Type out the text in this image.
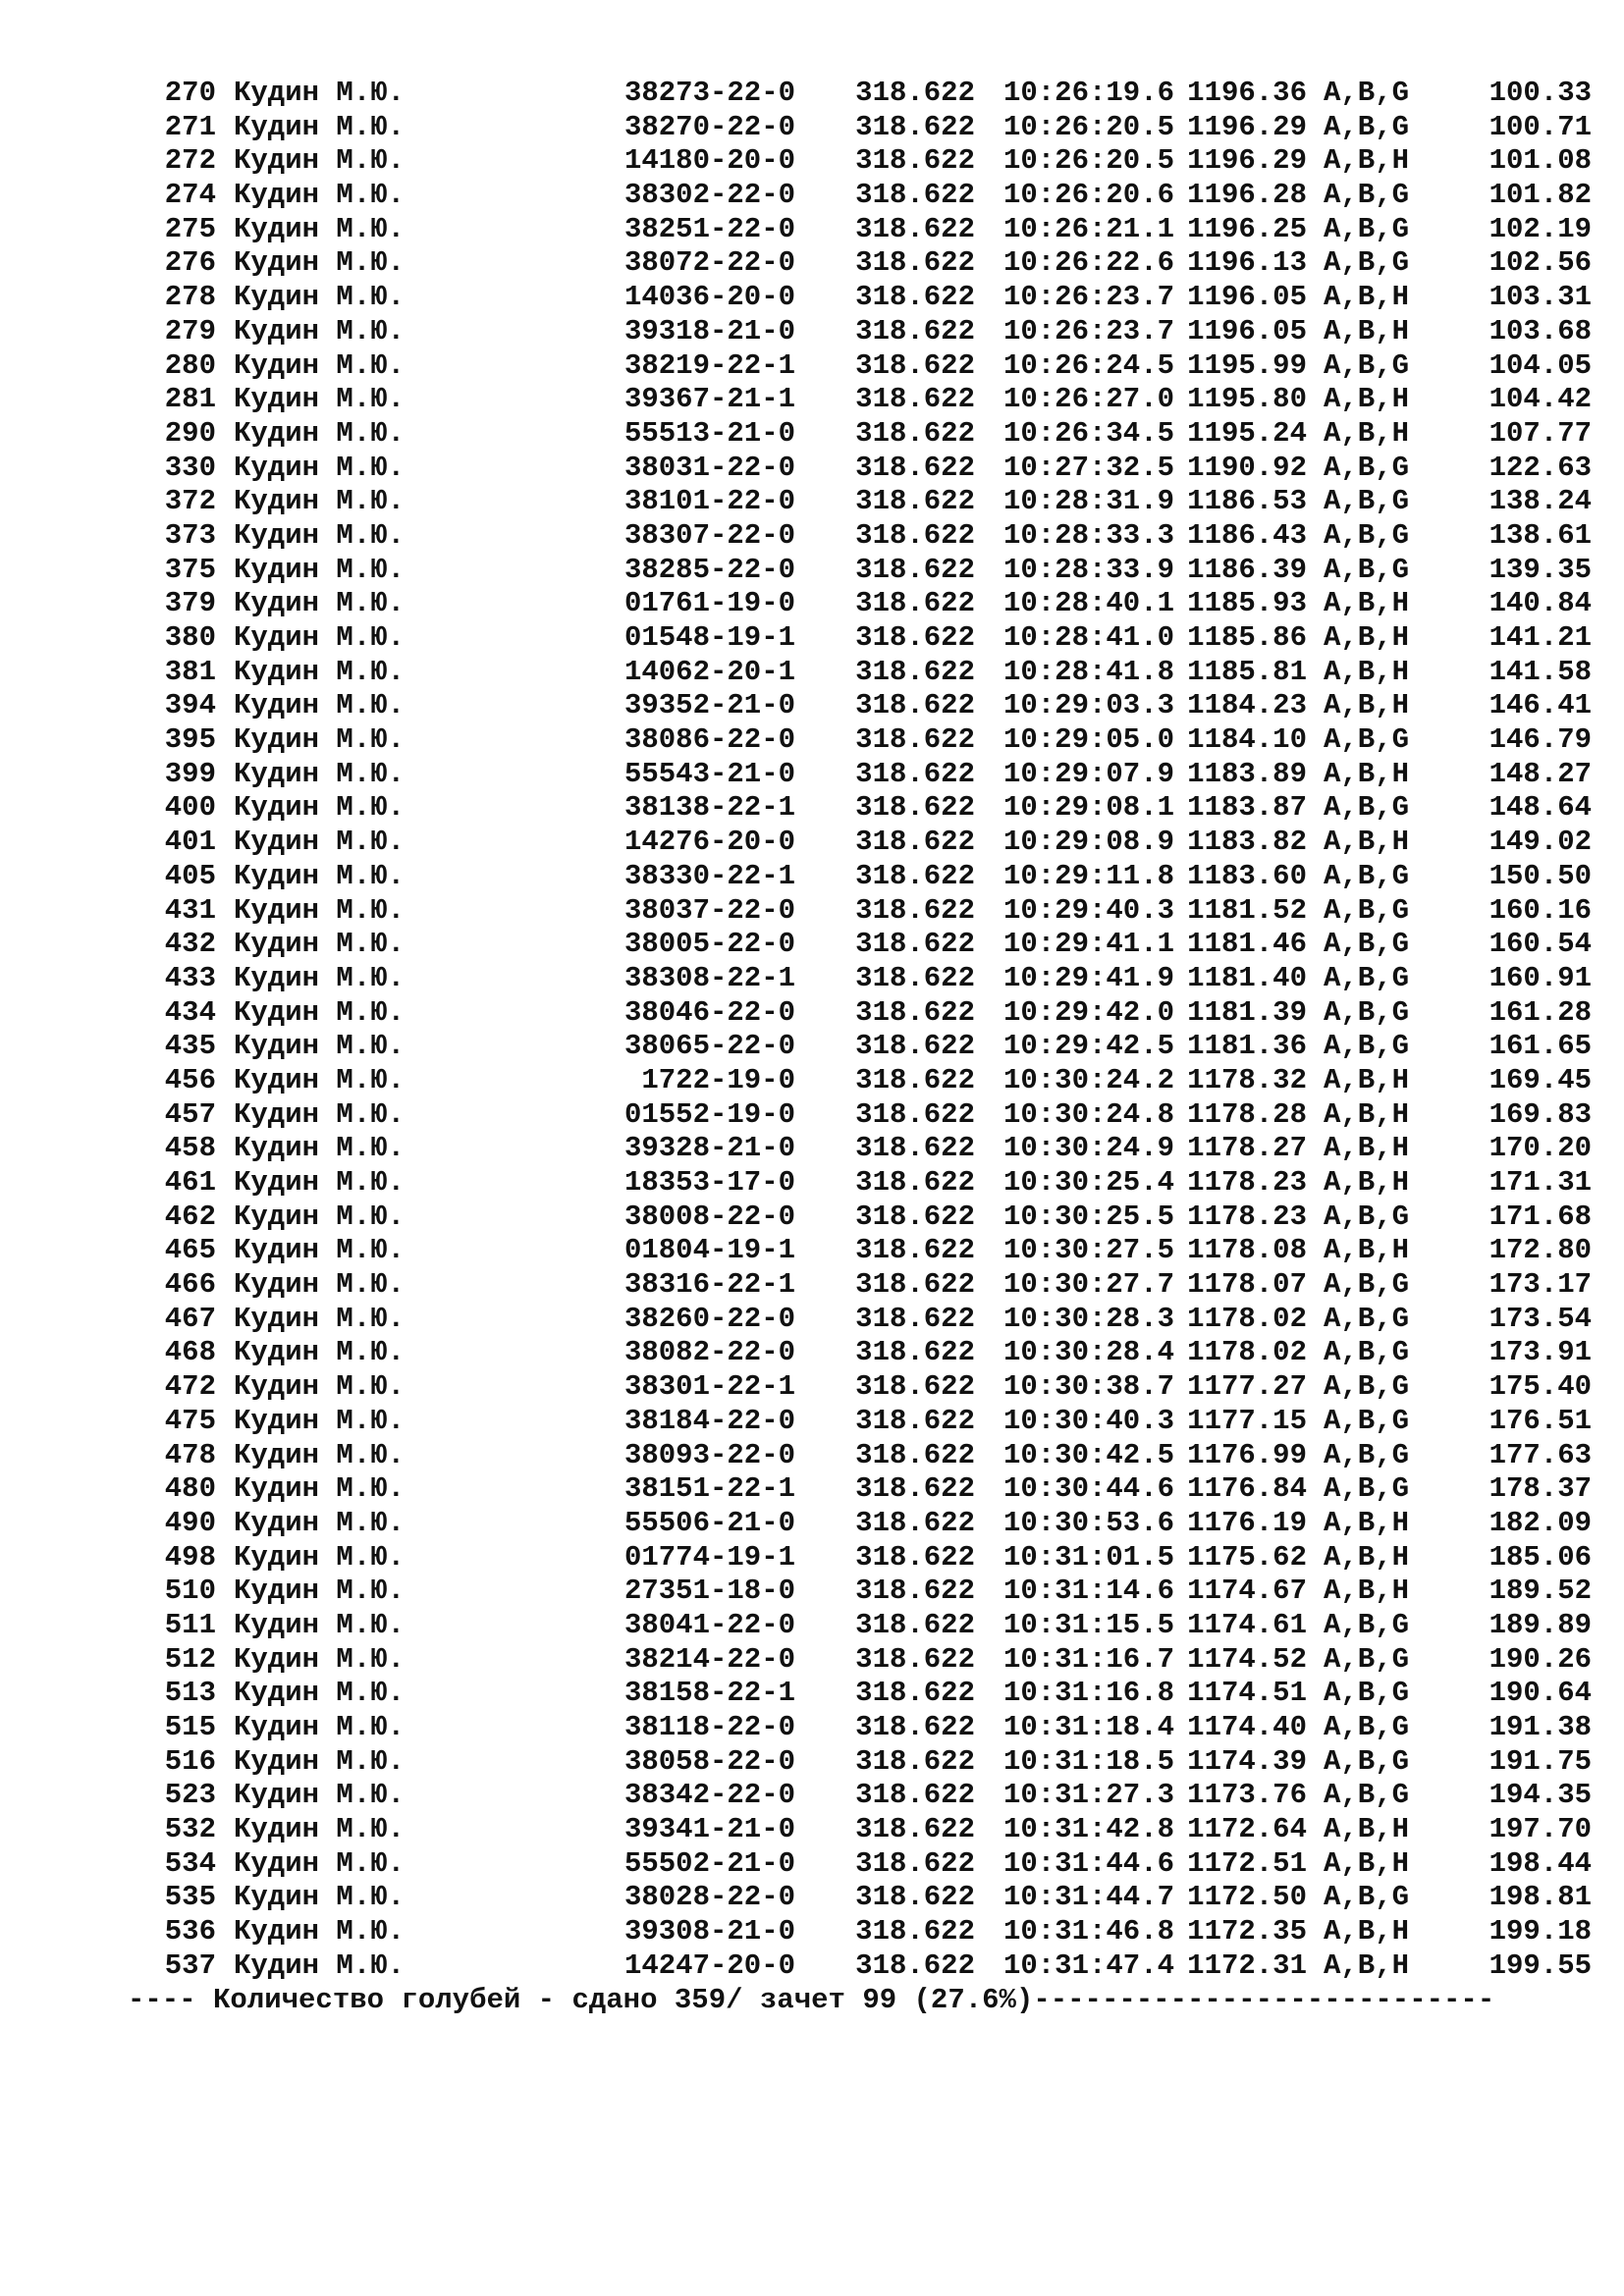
270 Кудин М.Ю.	38273-22-0 318.622 10:26:19.6 1196.36 A,B,G	100.33
271 Кудин М.Ю.	38270-22-0 318.622 10:26:20.5 1196.29 A,B,G	100.71
272 Кудин М.Ю.	14180-20-0 318.622 10:26:20.5 1196.29 A,B,H	101.08
274 Кудин М.Ю.	38302-22-0 318.622 10:26:20.6 1196.28 A,B,G	101.82
275 Кудин М.Ю.	38251-22-0 318.622 10:26:21.1 1196.25 A,B,G	102.19
276 Кудин М.Ю.	38072-22-0 318.622 10:26:22.6 1196.13 A,B,G	102.56
278 Кудин М.Ю.	14036-20-0 318.622 10:26:23.7 1196.05 A,B,H	103.31
279 Кудин М.Ю.	39318-21-0 318.622 10:26:23.7 1196.05 A,B,H	103.68
280 Кудин М.Ю.	38219-22-1 318.622 10:26:24.5 1195.99 A,B,G	104.05
281 Кудин М.Ю.	39367-21-1 318.622 10:26:27.0 1195.80 A,B,H	104.42
290 Кудин М.Ю.	55513-21-0 318.622 10:26:34.5 1195.24 A,B,H	107.77
330 Кудин М.Ю.	38031-22-0 318.622 10:27:32.5 1190.92 A,B,G	122.63
372 Кудин М.Ю.	38101-22-0 318.622 10:28:31.9 1186.53 A,B,G	138.24
373 Кудин М.Ю.	38307-22-0 318.622 10:28:33.3 1186.43 A,B,G	138.61
375 Кудин М.Ю.	38285-22-0 318.622 10:28:33.9 1186.39 A,B,G	139.35
379 Кудин М.Ю.	01761-19-0 318.622 10:28:40.1 1185.93 A,B,H	140.84
380 Кудин М.Ю.	01548-19-1 318.622 10:28:41.0 1185.86 A,B,H	141.21
381 Кудин М.Ю.	14062-20-1 318.622 10:28:41.8 1185.81 A,B,H	141.58
394 Кудин М.Ю.	39352-21-0 318.622 10:29:03.3 1184.23 A,B,H	146.41
395 Кудин М.Ю.	38086-22-0 318.622 10:29:05.0 1184.10 A,B,G	146.79
399 Кудин М.Ю.	55543-21-0 318.622 10:29:07.9 1183.89 A,B,H	148.27
400 Кудин М.Ю.	38138-22-1 318.622 10:29:08.1 1183.87 A,B,G	148.64
401 Кудин М.Ю.	14276-20-0 318.622 10:29:08.9 1183.82 A,B,H	149.02
405 Кудин М.Ю.	38330-22-1 318.622 10:29:11.8 1183.60 A,B,G	150.50
431 Кудин М.Ю.	38037-22-0 318.622 10:29:40.3 1181.52 A,B,G	160.16
432 Кудин М.Ю.	38005-22-0 318.622 10:29:41.1 1181.46 A,B,G	160.54
433 Кудин М.Ю.	38308-22-1 318.622 10:29:41.9 1181.40 A,B,G	160.91
434 Кудин М.Ю.	38046-22-0 318.622 10:29:42.0 1181.39 A,B,G	161.28
435 Кудин М.Ю.	38065-22-0 318.622 10:29:42.5 1181.36 A,B,G	161.65
456 Кудин М.Ю.	1722-19-0 318.622 10:30:24.2 1178.32 A,B,H	169.45
457 Кудин М.Ю.	01552-19-0 318.622 10:30:24.8 1178.28 A,B,H	169.83
458 Кудин М.Ю.	39328-21-0 318.622 10:30:24.9 1178.27 A,B,H	170.20
461 Кудин М.Ю.	18353-17-0 318.622 10:30:25.4 1178.23 A,B,H	171.31
462 Кудин М.Ю.	38008-22-0 318.622 10:30:25.5 1178.23 A,B,G	171.68
465 Кудин М.Ю.	01804-19-1 318.622 10:30:27.5 1178.08 A,B,H	172.80
466 Кудин М.Ю.	38316-22-1 318.622 10:30:27.7 1178.07 A,B,G	173.17
467 Кудин М.Ю.	38260-22-0 318.622 10:30:28.3 1178.02 A,B,G	173.54
468 Кудин М.Ю.	38082-22-0 318.622 10:30:28.4 1178.02 A,B,G	173.91
472 Кудин М.Ю.	38301-22-1 318.622 10:30:38.7 1177.27 A,B,G	175.40
475 Кудин М.Ю.	38184-22-0 318.622 10:30:40.3 1177.15 A,B,G	176.51
478 Кудин М.Ю.	38093-22-0 318.622 10:30:42.5 1176.99 A,B,G	177.63
480 Кудин М.Ю.	38151-22-1 318.622 10:30:44.6 1176.84 A,B,G	178.37
490 Кудин М.Ю.	55506-21-0 318.622 10:30:53.6 1176.19 A,B,H	182.09
498 Кудин М.Ю.	01774-19-1 318.622 10:31:01.5 1175.62 A,B,H	185.06
510 Кудин М.Ю.	27351-18-0 318.622 10:31:14.6 1174.67 A,B,H	189.52
511 Кудин М.Ю.	38041-22-0 318.622 10:31:15.5 1174.61 A,B,G	189.89
512 Кудин М.Ю.	38214-22-0 318.622 10:31:16.7 1174.52 A,B,G	190.26
513 Кудин М.Ю.	38158-22-1 318.622 10:31:16.8 1174.51 A,B,G	190.64
515 Кудин М.Ю.	38118-22-0 318.622 10:31:18.4 1174.40 A,B,G	191.38
516 Кудин М.Ю.	38058-22-0 318.622 10:31:18.5 1174.39 A,B,G	191.75
523 Кудин М.Ю.	38342-22-0 318.622 10:31:27.3 1173.76 A,B,G	194.35
532 Кудин М.Ю.	39341-21-0 318.622 10:31:42.8 1172.64 A,B,H	197.70
534 Кудин М.Ю.	55502-21-0 318.622 10:31:44.6 1172.51 A,B,H	198.44
535 Кудин М.Ю.	38028-22-0 318.622 10:31:44.7 1172.50 A,B,G	198.81
536 Кудин М.Ю.	39308-21-0 318.622 10:31:46.8 1172.35 A,B,H	199.18
537 Кудин М.Ю.	14247-20-0 318.622 10:31:47.4 1172.31 A,B,H	199.55
---- Количество голубей - сдано 359/ зачет 99 (27.6%)---------------------------
